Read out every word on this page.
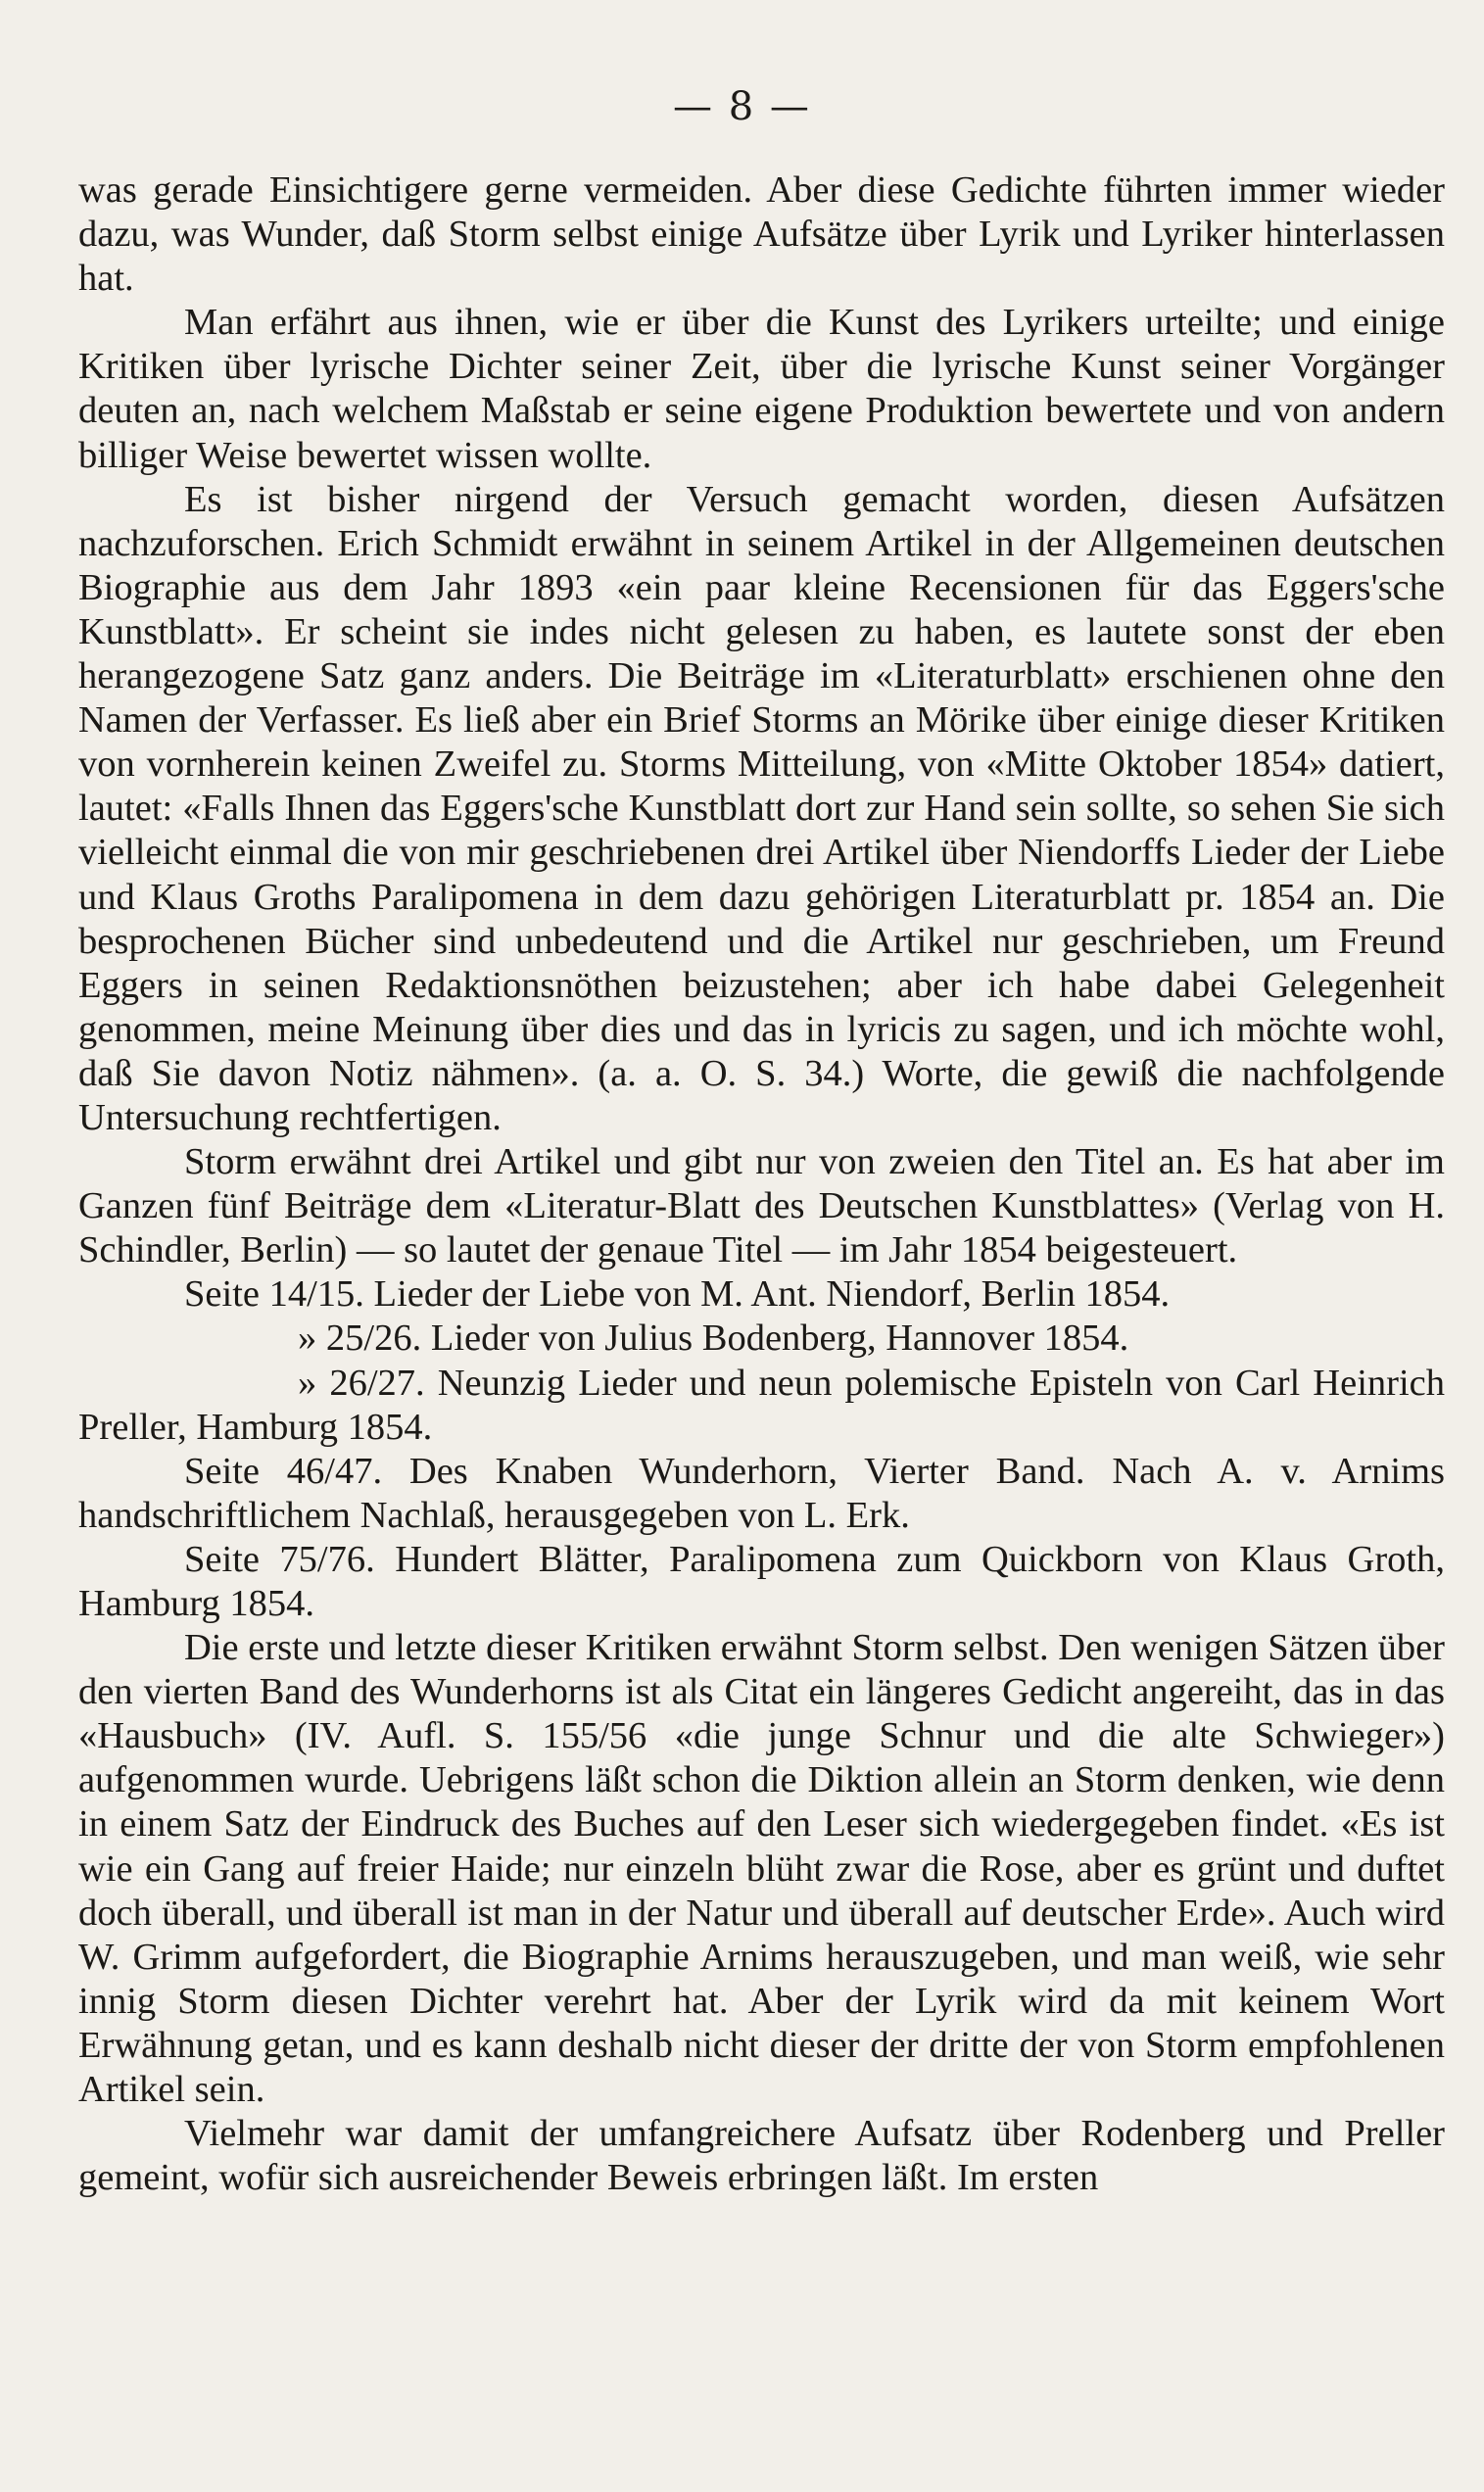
— 8 —

was gerade Einsichtigere gerne vermeiden. Aber diese Gedichte führten immer wieder dazu, was Wunder, daß Storm selbst einige Aufsätze über Lyrik und Lyriker hinterlassen hat.

Man erfährt aus ihnen, wie er über die Kunst des Lyrikers urteilte; und einige Kritiken über lyrische Dichter seiner Zeit, über die lyrische Kunst seiner Vorgänger deuten an, nach welchem Maßstab er seine eigene Produktion bewertete und von andern billiger Weise bewertet wissen wollte.

Es ist bisher nirgend der Versuch gemacht worden, diesen Aufsätzen nachzuforschen. Erich Schmidt erwähnt in seinem Artikel in der Allgemeinen deutschen Biographie aus dem Jahr 1893 «ein paar kleine Recensionen für das Eggers'sche Kunstblatt». Er scheint sie indes nicht gelesen zu haben, es lautete sonst der eben herangezogene Satz ganz anders. Die Beiträge im «Literaturblatt» erschienen ohne den Namen der Verfasser. Es ließ aber ein Brief Storms an Mörike über einige dieser Kritiken von vornherein keinen Zweifel zu. Storms Mitteilung, von «Mitte Oktober 1854» datiert, lautet: «Falls Ihnen das Eggers'sche Kunstblatt dort zur Hand sein sollte, so sehen Sie sich vielleicht einmal die von mir geschriebenen drei Artikel über Niendorffs Lieder der Liebe und Klaus Groths Paralipomena in dem dazu gehörigen Literaturblatt pr. 1854 an. Die besprochenen Bücher sind unbedeutend und die Artikel nur geschrieben, um Freund Eggers in seinen Redaktionsnöthen beizustehen; aber ich habe dabei Gelegenheit genommen, meine Meinung über dies und das in lyricis zu sagen, und ich möchte wohl, daß Sie davon Notiz nähmen». (a. a. O. S. 34.) Worte, die gewiß die nachfolgende Untersuchung rechtfertigen.

Storm erwähnt drei Artikel und gibt nur von zweien den Titel an. Es hat aber im Ganzen fünf Beiträge dem «Literatur-Blatt des Deutschen Kunstblattes» (Verlag von H. Schindler, Berlin) — so lautet der genaue Titel — im Jahr 1854 beigesteuert.

Seite 14/15. Lieder der Liebe von M. Ant. Niendorf, Berlin 1854.

» 25/26. Lieder von Julius Bodenberg, Hannover 1854.

» 26/27. Neunzig Lieder und neun polemische Episteln von Carl Heinrich Preller, Hamburg 1854.

Seite 46/47. Des Knaben Wunderhorn, Vierter Band. Nach A. v. Arnims handschriftlichem Nachlaß, herausgegeben von L. Erk.

Seite 75/76. Hundert Blätter, Paralipomena zum Quickborn von Klaus Groth, Hamburg 1854.

Die erste und letzte dieser Kritiken erwähnt Storm selbst. Den wenigen Sätzen über den vierten Band des Wunderhorns ist als Citat ein längeres Gedicht angereiht, das in das «Hausbuch» (IV. Aufl. S. 155/56 «die junge Schnur und die alte Schwieger») aufgenommen wurde. Uebrigens läßt schon die Diktion allein an Storm denken, wie denn in einem Satz der Eindruck des Buches auf den Leser sich wiedergegeben findet. «Es ist wie ein Gang auf freier Haide; nur einzeln blüht zwar die Rose, aber es grünt und duftet doch überall, und überall ist man in der Natur und überall auf deutscher Erde». Auch wird W. Grimm aufgefordert, die Biographie Arnims herauszugeben, und man weiß, wie sehr innig Storm diesen Dichter verehrt hat. Aber der Lyrik wird da mit keinem Wort Erwähnung getan, und es kann deshalb nicht dieser der dritte der von Storm empfohlenen Artikel sein.

Vielmehr war damit der umfangreichere Aufsatz über Rodenberg und Preller gemeint, wofür sich ausreichender Beweis erbringen läßt. Im ersten
